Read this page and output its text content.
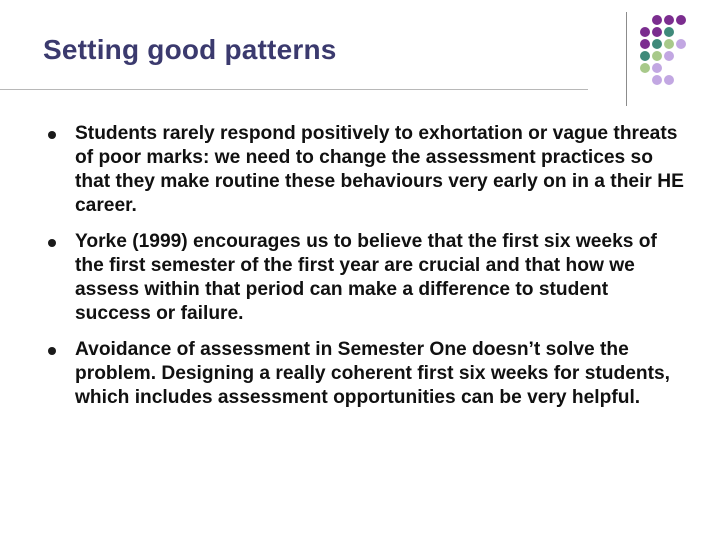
Setting good patterns
Students rarely respond positively to exhortation or vague threats of poor marks: we need to change the assessment practices so that they make routine these behaviours very early on in a their HE career.
Yorke (1999) encourages us to believe that the first six weeks of the first semester of the first year are crucial and that how we assess within that period can make a difference to student success or failure.
Avoidance of assessment in Semester One doesn’t solve the problem. Designing a really coherent first six weeks for students, which includes assessment opportunities can be very helpful.
